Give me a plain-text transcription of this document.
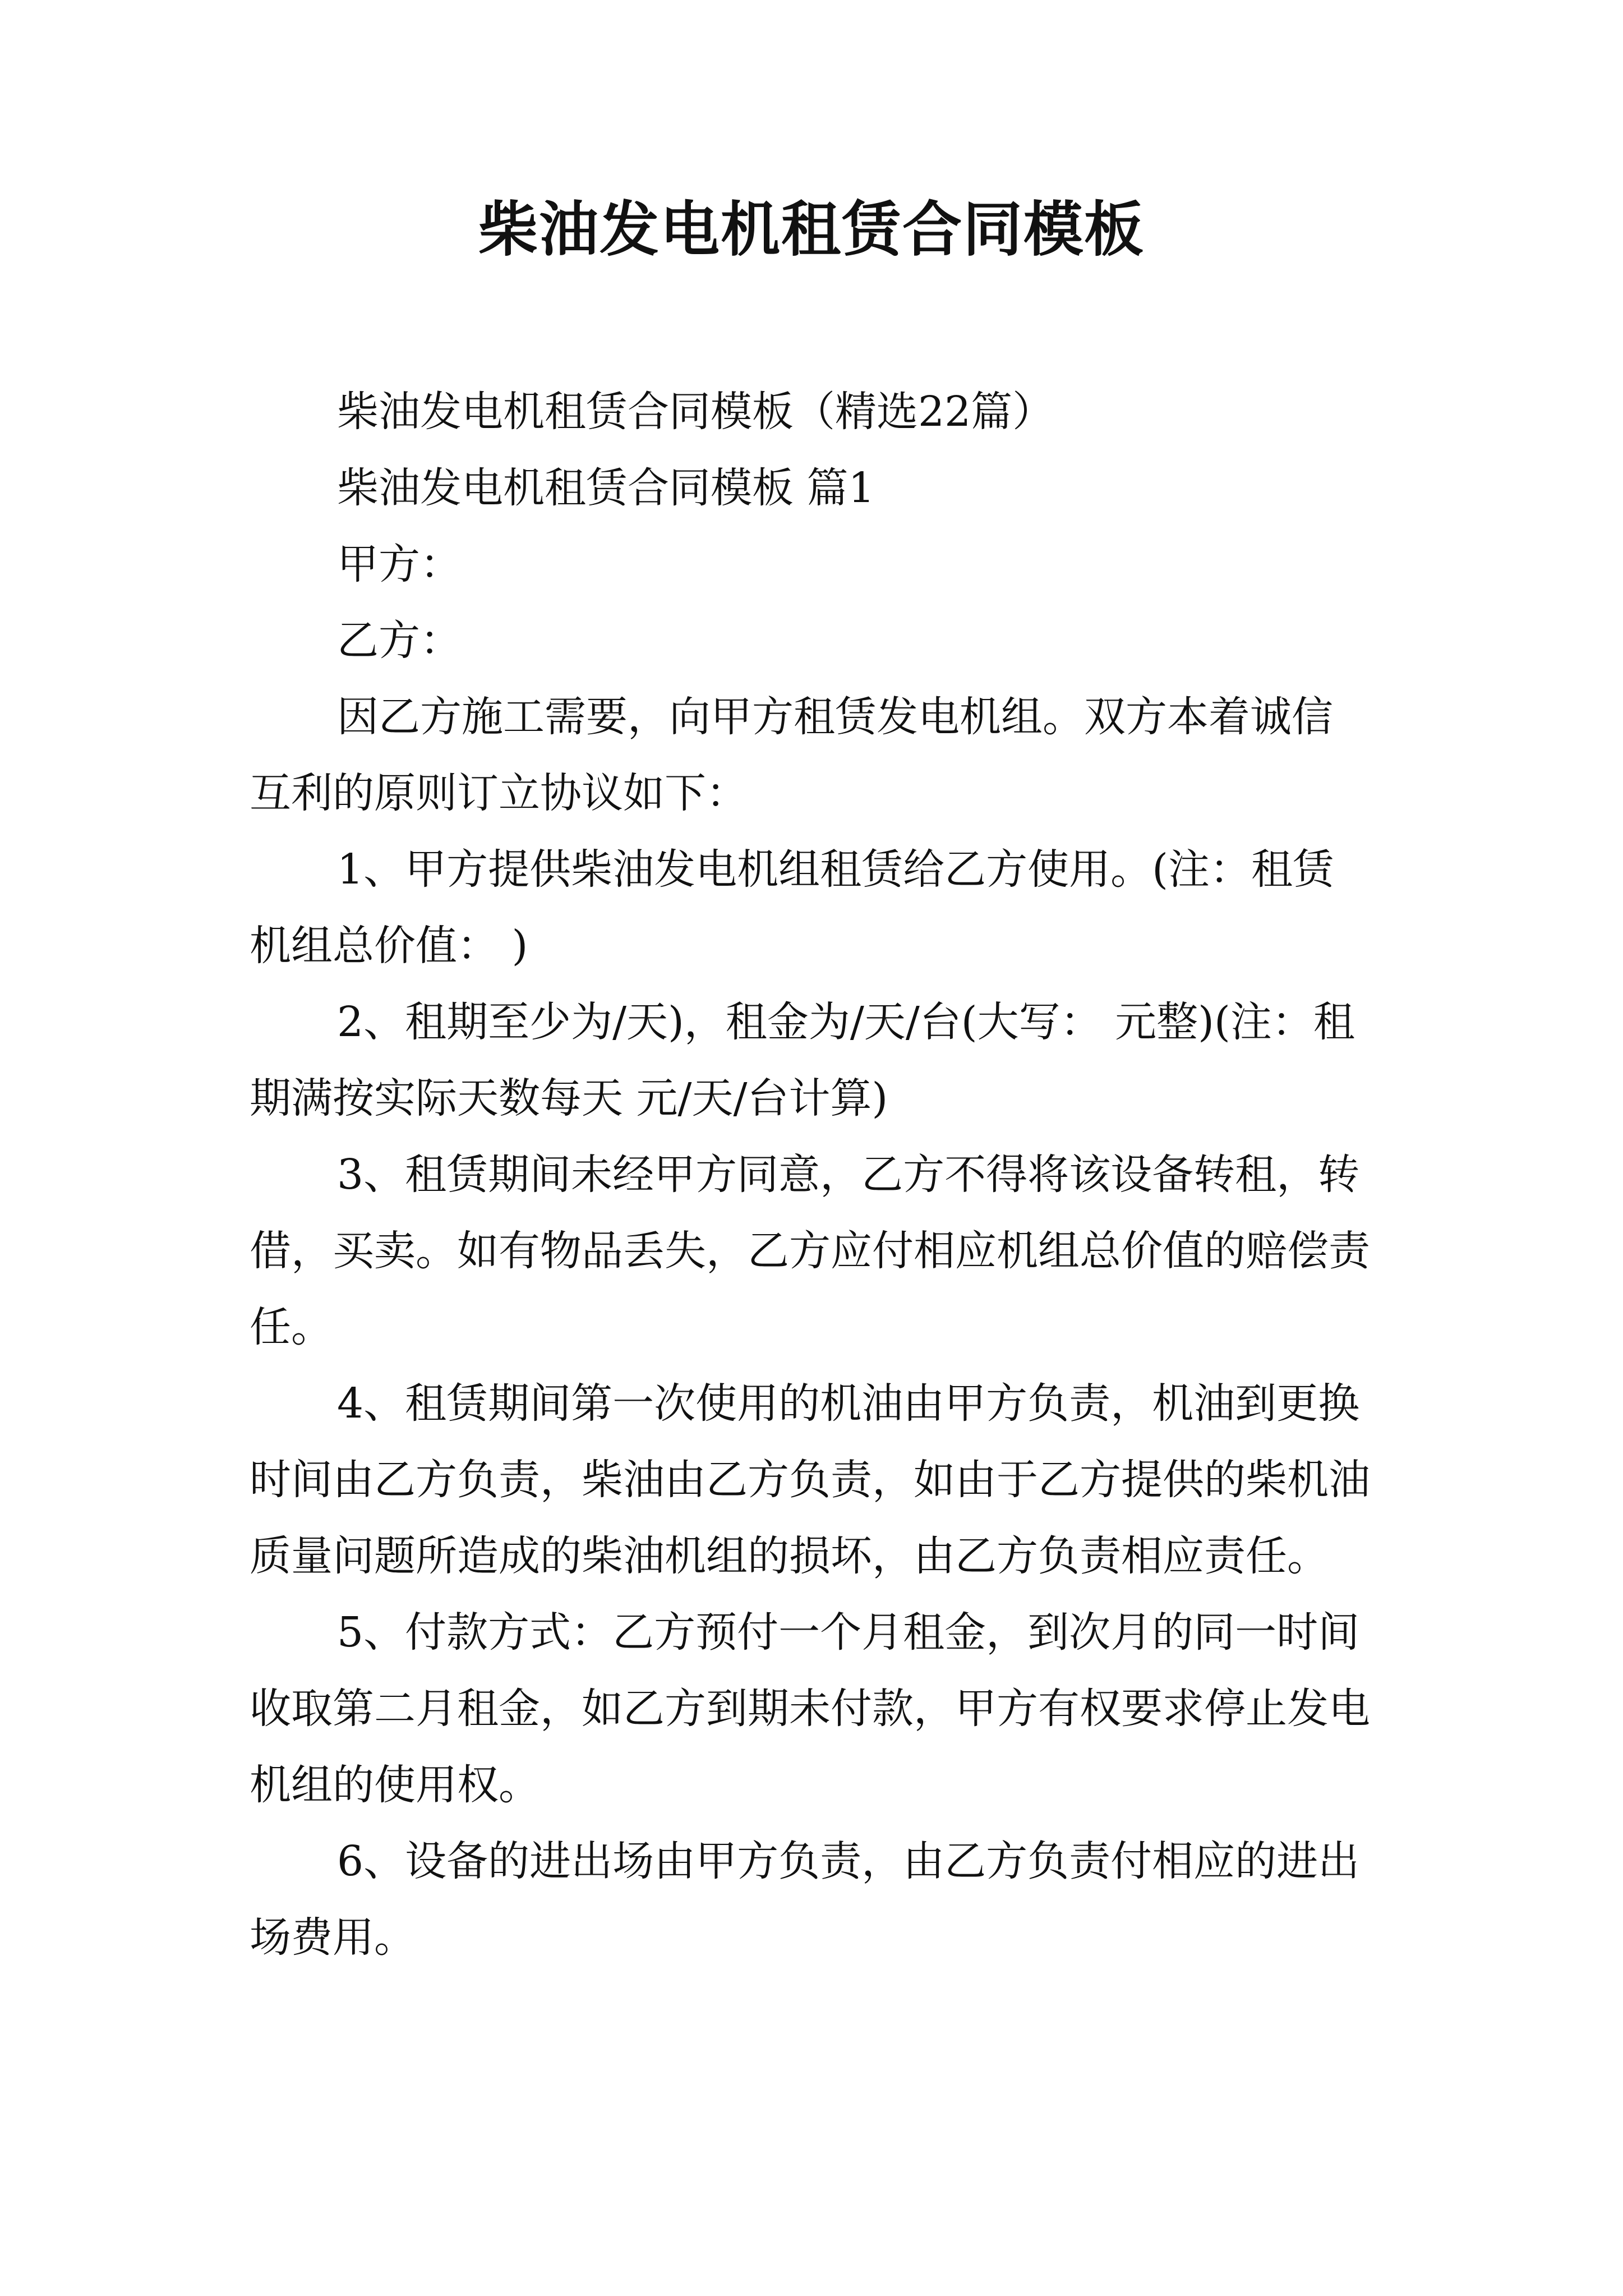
柴油发电机租赁合同模板

柴油发电机租赁合同模板（精选22篇）

柴油发电机租赁合同模板 篇1

甲方：

乙方：

因乙方施工需要，向甲方租赁发电机组。双方本着诚信互利的原则订立协议如下：

1、甲方提供柴油发电机组租赁给乙方使用。(注：租赁机组总价值： )

2、租期至少为/天)，租金为/天/台(大写： 元整)(注：租期满按实际天数每天 元/天/台计算)

3、租赁期间未经甲方同意，乙方不得将该设备转租，转借，买卖。如有物品丢失，乙方应付相应机组总价值的赔偿责任。

4、租赁期间第一次使用的机油由甲方负责，机油到更换时间由乙方负责，柴油由乙方负责，如由于乙方提供的柴机油质量问题所造成的柴油机组的损坏，由乙方负责相应责任。

5、付款方式：乙方预付一个月租金，到次月的同一时间收取第二月租金，如乙方到期未付款，甲方有权要求停止发电机组的使用权。

6、设备的进出场由甲方负责，由乙方负责付相应的进出场费用。
